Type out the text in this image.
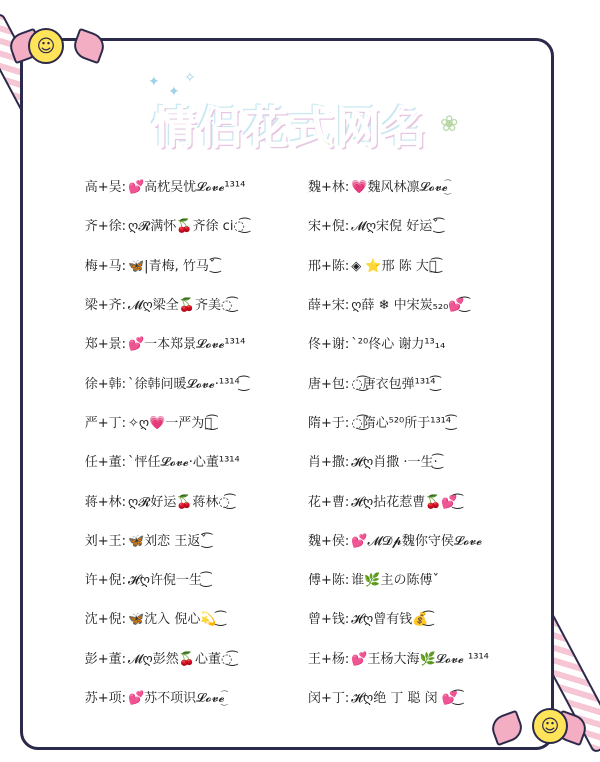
☺
☺
✦ ✧
✦
情侣花式网名 ❀
高+吴: 💕高枕吴忧𝓛𝓸𝓿𝓮¹³¹⁴
齐+徐: ღ𝓡满怀🍒齐徐 ci◌͜͡
梅+马: 🦋|青梅, 竹马ˇ͜͡
梁+齐: 𝓜ღ梁全🍒齐美◌͜͡
郑+景: 💕一本郑景𝓛𝓸𝓿𝓮¹³¹⁴
徐+韩: ˋ徐韩问暖𝓛𝓸𝓿𝓮·¹³¹⁴ ͜͡
严+丁: ✧ღ💗一严为丁͜͡
任+董: ˋ怦任𝓛𝓸𝓿𝓮·心董¹³¹⁴
蒋+林: ღ𝓡好运🍒蒋林◌͜͡
刘+王: 🦋刘恋 王返ˇ͜͡
许+倪: 𝓗ღ许倪一生 ͜͡
沈+倪: 🦋沈入 倪心💫 ͜͡
彭+董: 𝓜ღ彭然🍒心董◌͜͡
苏+项: 💕苏不项识𝓛𝓸𝓿𝓮͜͡
魏+林: 💗魏风林凛𝓛𝓸𝓿𝓮͜͡
宋+倪: 𝓜ღ宋倪 好运ˇ͜͡
邢+陈: ◈ ⭐邢 陈 大海͜͡
薛+宋: ღ薛 ❄ 中宋炭₅₂₀💕͜͡
佟+谢: ˋ²⁰佟心 谢力¹³₁₄
唐+包: ◌͜͡唐衣包弹¹³¹⁴͜͡
隋+于: ◌͜͡隋心⁵²⁰所于¹³¹⁴͜͡
肖+撒: 𝓗ღ肖撒 ·一生·͜͡
花+曹: 𝓗ღ拈花惹曹🍒💕͜͡
魏+侯: 💕𝓜𝓓𝓹魏你守侯𝓛𝓸𝓿𝓮
傅+陈: 谁🌿主の陈傅ˇ
曾+钱: 𝓗ღ曾有钱💰͜͡
王+杨: 💕王杨大海🌿𝓛𝓸𝓿𝓮 ¹³¹⁴
闵+丁: 𝓗ღ绝 丁 聪 闵 💕͜͡
